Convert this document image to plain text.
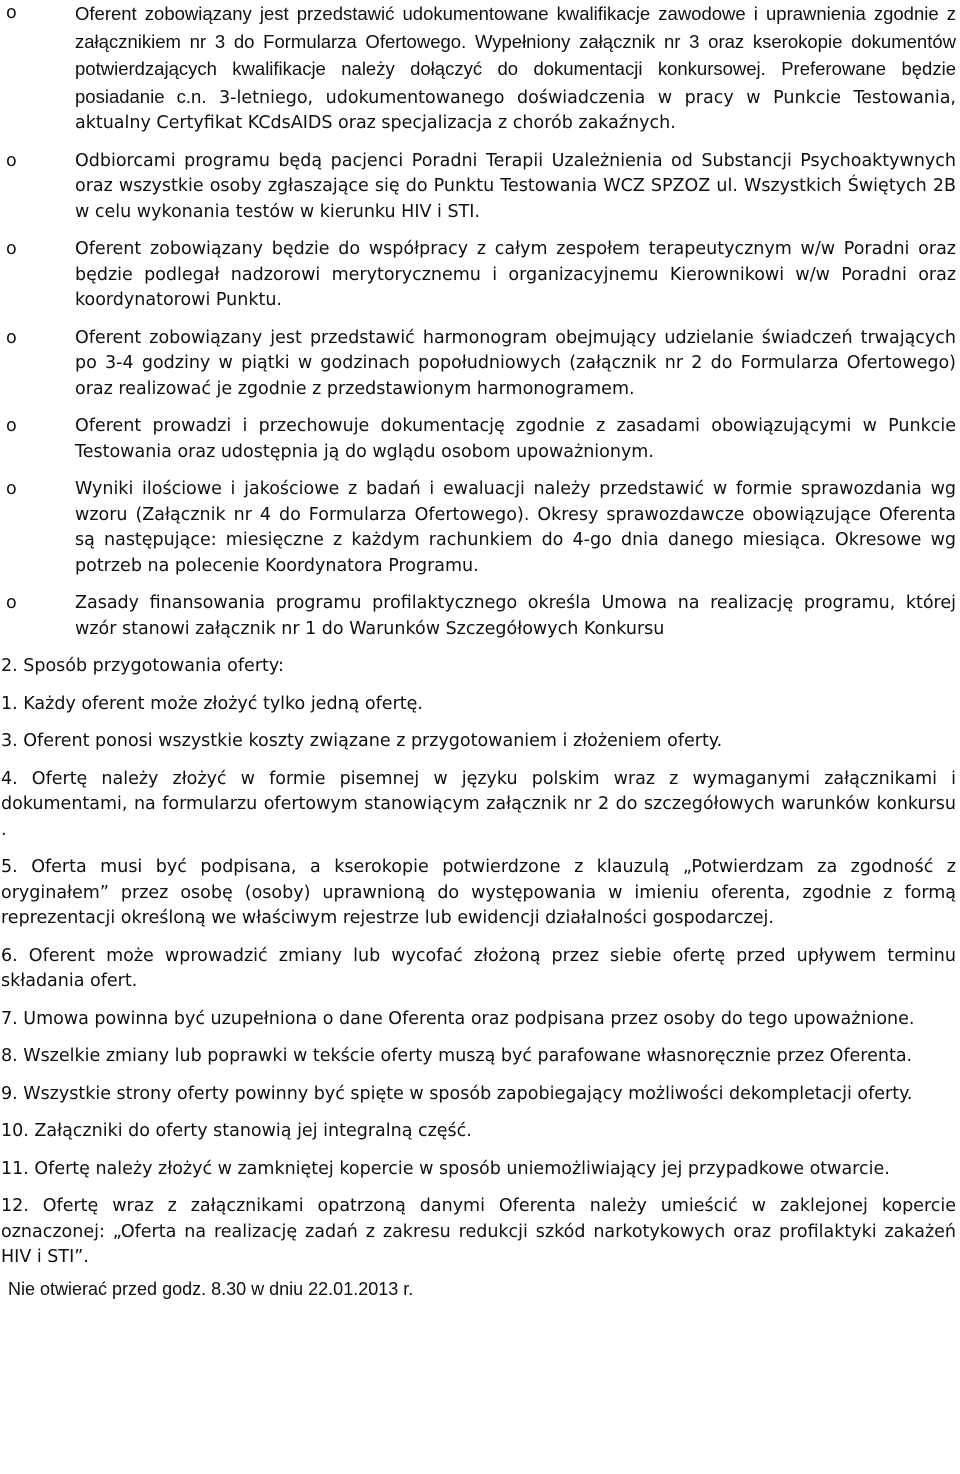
o	Oferent zobowiązany jest przedstawić udokumentowane kwalifikacje zawodowe i uprawnienia zgodnie z załącznikiem nr 3 do Formularza Ofertowego. Wypełniony załącznik nr 3 oraz kserokopie dokumentów potwierdzających kwalifikacje należy dołączyć do dokumentacji konkursowej. Preferowane będzie posiadanie c.n. 3-letniego, udokumentowanego doświadczenia w pracy w Punkcie Testowania, aktualny Certyfikat KCdsAIDS oraz specjalizacja z chorób zakaźnych.
o	Odbiorcami programu będą pacjenci Poradni Terapii Uzależnienia od Substancji Psychoaktywnych oraz wszystkie osoby zgłaszające się do Punktu Testowania WCZ SPZOZ ul. Wszystkich Świętych 2B w celu wykonania testów w kierunku HIV i STI.
o	Oferent zobowiązany będzie do współpracy z całym zespołem terapeutycznym w/w Poradni oraz będzie podlegał nadzorowi merytorycznemu i organizacyjnemu Kierownikowi w/w Poradni oraz koordynatorowi Punktu.
o	Oferent zobowiązany jest przedstawić harmonogram obejmujący udzielanie świadczeń trwających po 3-4 godziny w piątki w godzinach popołudniowych (załącznik nr 2 do Formularza Ofertowego) oraz realizować je zgodnie z przedstawionym harmonogramem.
o	Oferent prowadzi i przechowuje dokumentację zgodnie z zasadami obowiązującymi w Punkcie Testowania oraz udostępnia ją do wglądu osobom upoważnionym.
o	Wyniki ilościowe i jakościowe z badań i ewaluacji należy przedstawić w formie sprawozdania wg wzoru (Załącznik nr 4 do Formularza Ofertowego). Okresy sprawozdawcze obowiązujące Oferenta są następujące: miesięczne z każdym rachunkiem do 4-go dnia danego miesiąca. Okresowe wg potrzeb na polecenie Koordynatora Programu.
o	Zasady finansowania programu profilaktycznego określa Umowa na realizację programu, której wzór stanowi załącznik nr 1 do Warunków Szczegółowych Konkursu
2. Sposób przygotowania oferty:
1. Każdy oferent może złożyć tylko jedną ofertę.
3. Oferent ponosi wszystkie koszty związane z przygotowaniem i złożeniem oferty.
4. Ofertę należy złożyć w formie pisemnej w języku polskim wraz z wymaganymi załącznikami i dokumentami, na formularzu ofertowym stanowiącym załącznik nr 2 do szczegółowych warunków konkursu .
5. Oferta musi być podpisana, a kserokopie potwierdzone z klauzulą „Potwierdzam za zgodność z oryginałem” przez osobę (osoby) uprawnioną do występowania w imieniu oferenta, zgodnie z formą reprezentacji określoną we właściwym rejestrze lub ewidencji działalności gospodarczej.
6. Oferent może wprowadzić zmiany lub wycofać złożoną przez siebie ofertę przed upływem terminu składania ofert.
7. Umowa powinna być uzupełniona o dane Oferenta oraz podpisana przez osoby do tego upoważnione.
8. Wszelkie zmiany lub poprawki w tekście oferty muszą być parafowane własnoręcznie przez Oferenta.
9. Wszystkie strony oferty powinny być spięte w sposób zapobiegający możliwości dekompletacji oferty.
10. Załączniki do oferty stanowią jej integralną część.
11. Ofertę należy złożyć w zamkniętej kopercie w sposób uniemożliwiający jej przypadkowe otwarcie.
12. Ofertę wraz z załącznikami opatrzoną danymi Oferenta należy umieścić w zaklejonej kopercie oznaczonej: „Oferta na realizację zadań z zakresu redukcji szkód narkotykowych oraz profilaktyki zakażeń HIV i STI”.
Nie otwierać przed godz. 8.30 w dniu 22.01.2013 r.
